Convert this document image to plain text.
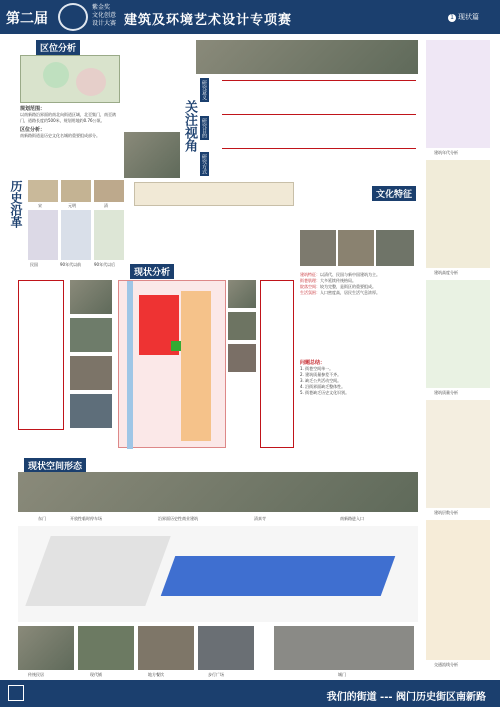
第二届
紫金奖
文化创意
设计大赛 建筑及环境艺术设计专项赛	1 现状篇
区位分析
规划范围：
以南新路沿界面的南北向街道区域，北至集门，南至鸽门，道路长度约500米，规划用地约0.76公顷。
区位分析：
南新路街道是历史文化名城的重要组成部分。
历史沿革	宋	元明	清
民国	90年代以前	90年代以后
关注视角
研究意义
研究目的
研究方式
文化特征
建筑特征：以清代、民国与新中国建筑为主。
街巷肌理：大多延续传统格局。
院落空间：较为完整，是街区的重要组成。
生活氛围：人口密度高，居民生活气息浓厚。
现状分析
问题总结：
1. 街巷空间单一。
2. 建筑质量参差不齐。
3. 缺乏公共活动空间。
4. 沿街界面缺乏整体性。
5. 街巷缺乏历史文化识别。
建筑年代分析
建筑高度分析
建筑质量分析
建筑层数分析
交通流线分析
现状空间形态
东门	开放性临时停车场	沿界面历史性商业建筑	清真寺	南新路进入口
传统民居	现代铺	地方餐饮	步行广场	城门
我们的街道 --- 阀门历史街区南新路
